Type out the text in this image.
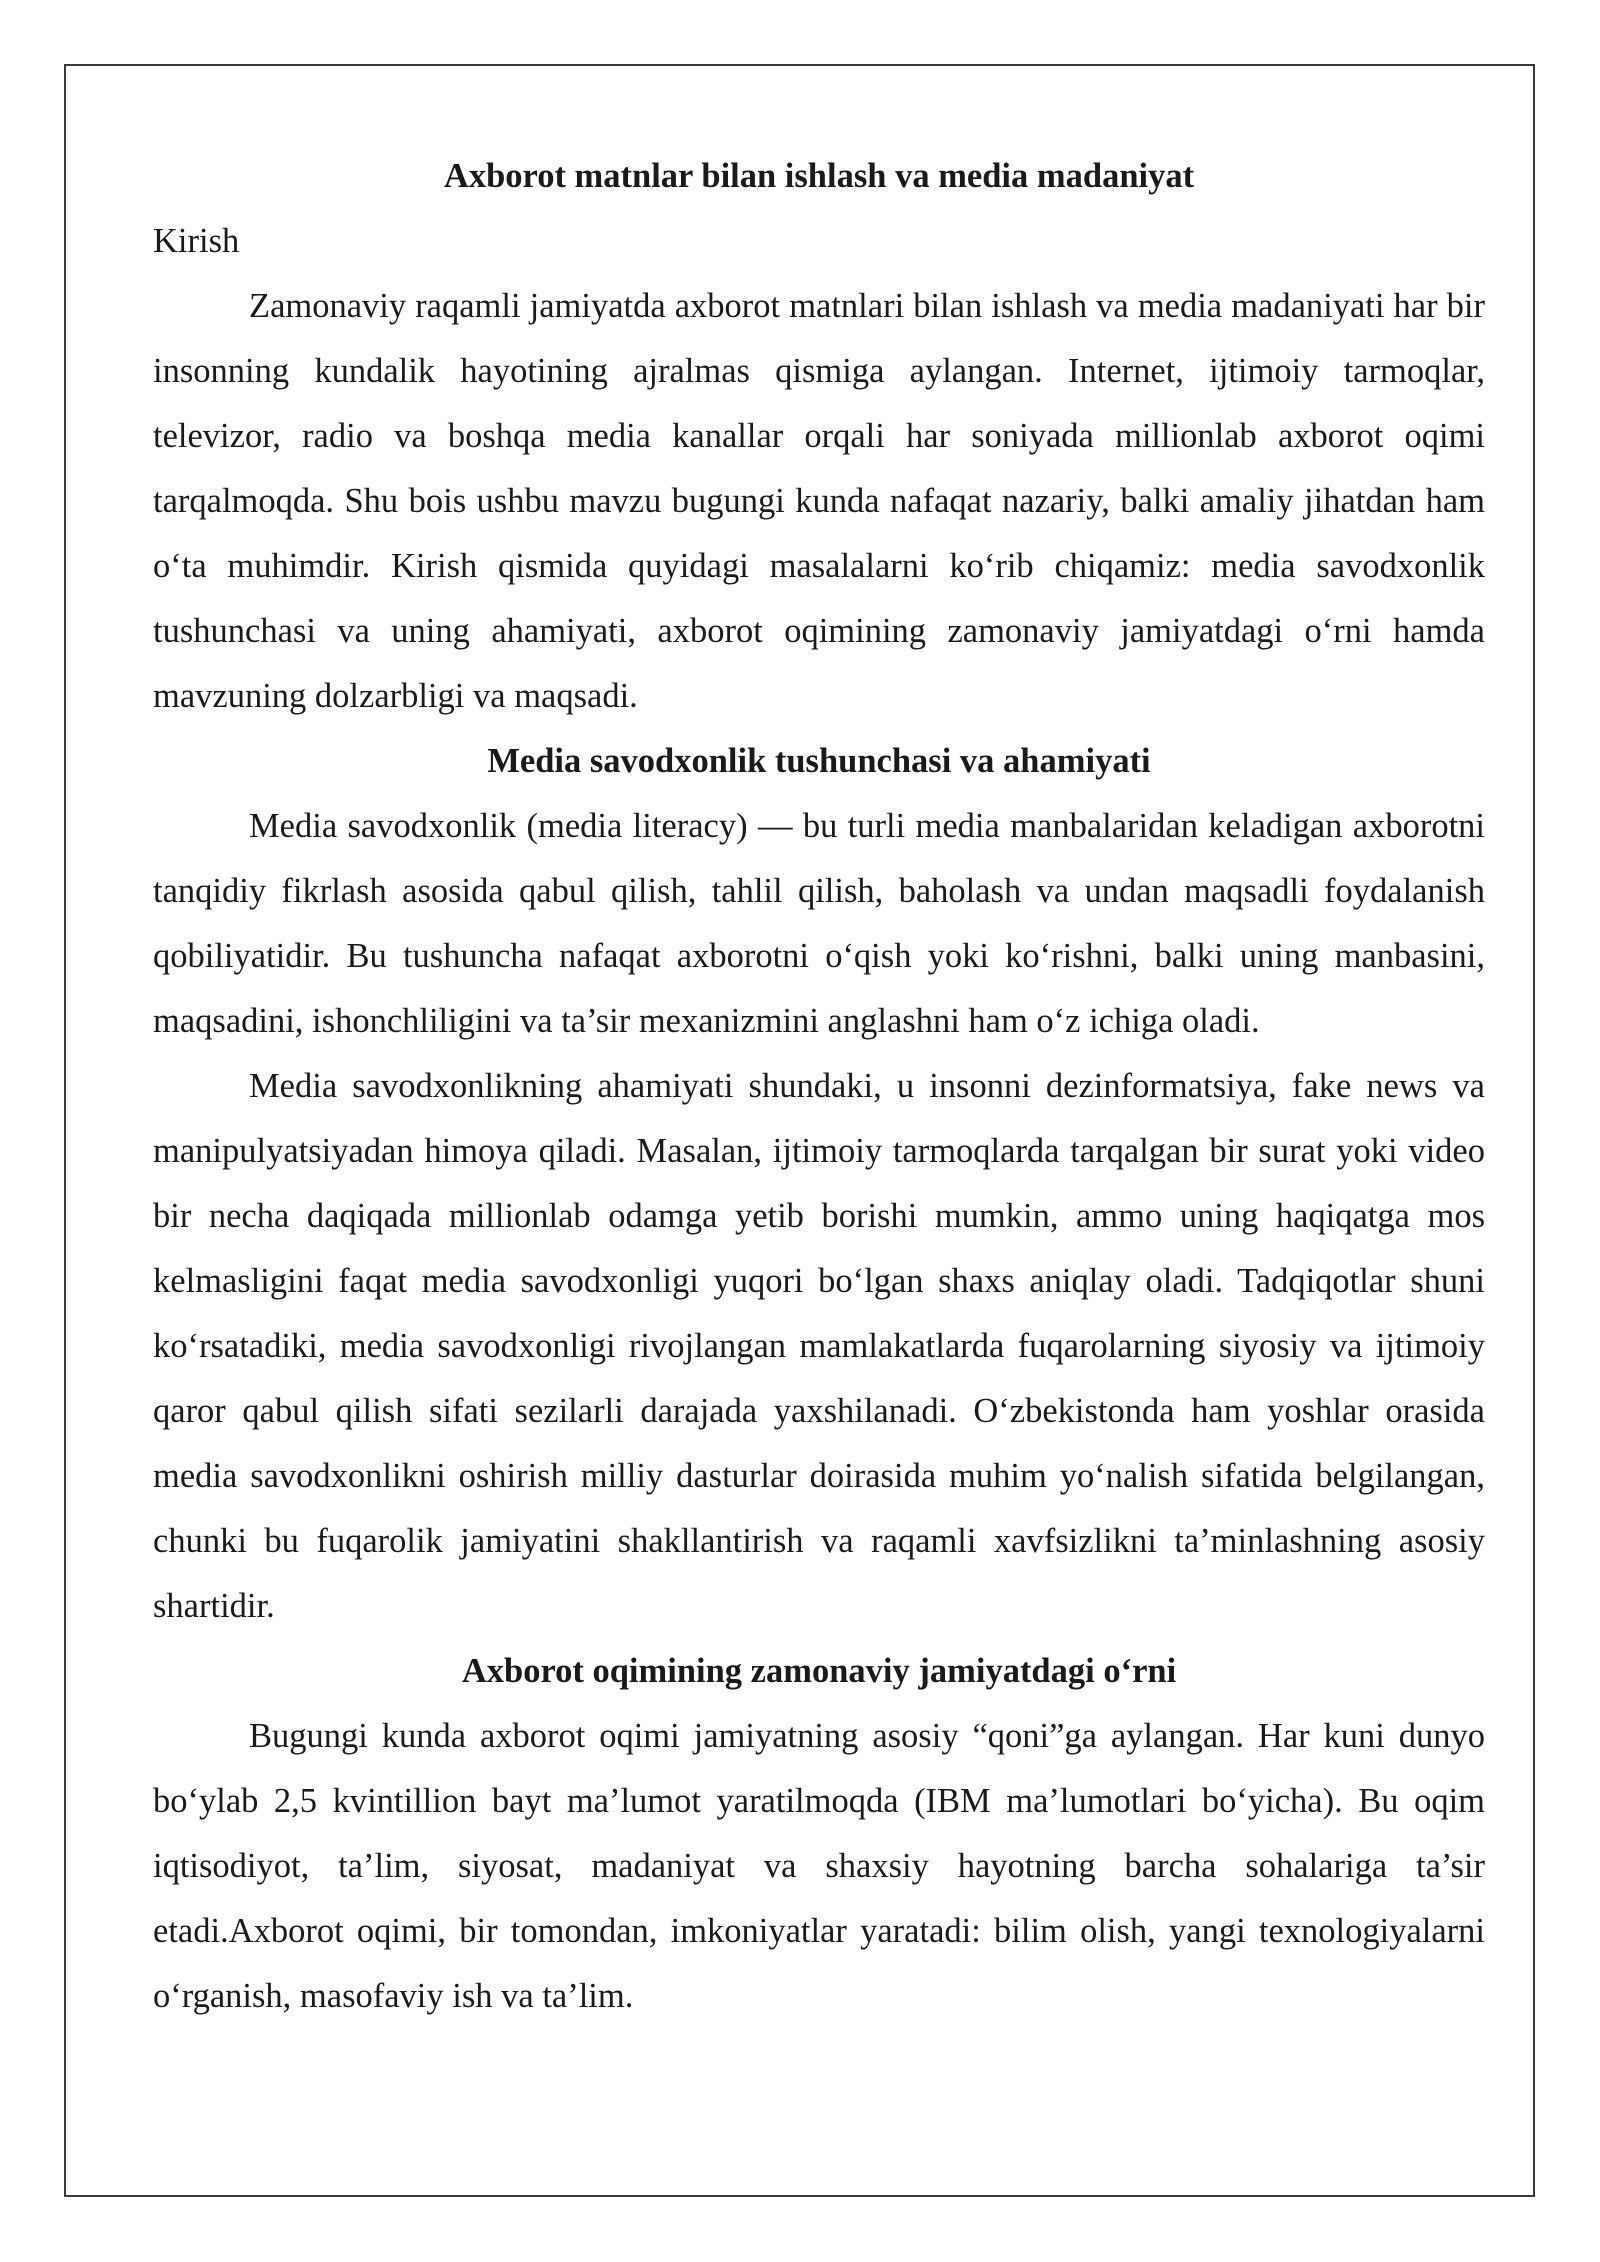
Axborot matnlar bilan ishlash va media madaniyat

Kirish

Zamonaviy raqamli jamiyatda axborot matnlari bilan ishlash va media madaniyati har bir insonning kundalik hayotining ajralmas qismiga aylangan. Internet, ijtimoiy tarmoqlar, televizor, radio va boshqa media kanallar orqali har soniyada millionlab axborot oqimi tarqalmoqda. Shu bois ushbu mavzu bugungi kunda nafaqat nazariy, balki amaliy jihatdan ham o‘ta muhimdir. Kirish qismida quyidagi masalalarni ko‘rib chiqamiz: media savodxonlik tushunchasi va uning ahamiyati, axborot oqimining zamonaviy jamiyatdagi o‘rni hamda mavzuning dolzarbligi va maqsadi.

Media savodxonlik tushunchasi va ahamiyati

Media savodxonlik (media literacy) — bu turli media manbalaridan keladigan axborotni tanqidiy fikrlash asosida qabul qilish, tahlil qilish, baholash va undan maqsadli foydalanish qobiliyatidir. Bu tushuncha nafaqat axborotni o‘qish yoki ko‘rishni, balki uning manbasini, maqsadini, ishonchliligini va ta’sir mexanizmini anglashni ham o‘z ichiga oladi.

Media savodxonlikning ahamiyati shundaki, u insonni dezinformatsiya, fake news va manipulyatsiyadan himoya qiladi. Masalan, ijtimoiy tarmoqlarda tarqalgan bir surat yoki video bir necha daqiqada millionlab odamga yetib borishi mumkin, ammo uning haqiqatga mos kelmasligini faqat media savodxonligi yuqori bo‘lgan shaxs aniqlay oladi. Tadqiqotlar shuni ko‘rsatadiki, media savodxonligi rivojlangan mamlakatlarda fuqarolarning siyosiy va ijtimoiy qaror qabul qilish sifati sezilarli darajada yaxshilanadi. O‘zbekistonda ham yoshlar orasida media savodxonlikni oshirish milliy dasturlar doirasida muhim yo‘nalish sifatida belgilangan, chunki bu fuqarolik jamiyatini shakllantirish va raqamli xavfsizlikni ta’minlashning asosiy shartidir.

Axborot oqimining zamonaviy jamiyatdagi o‘rni

Bugungi kunda axborot oqimi jamiyatning asosiy “qoni”ga aylangan. Har kuni dunyo bo‘ylab 2,5 kvintillion bayt ma’lumot yaratilmoqda (IBM ma’lumotlari bo‘yicha). Bu oqim iqtisodiyot, ta’lim, siyosat, madaniyat va shaxsiy hayotning barcha sohalariga ta’sir etadi.Axborot oqimi, bir tomondan, imkoniyatlar yaratadi: bilim olish, yangi texnologiyalarni o‘rganish, masofaviy ish va ta’lim.
